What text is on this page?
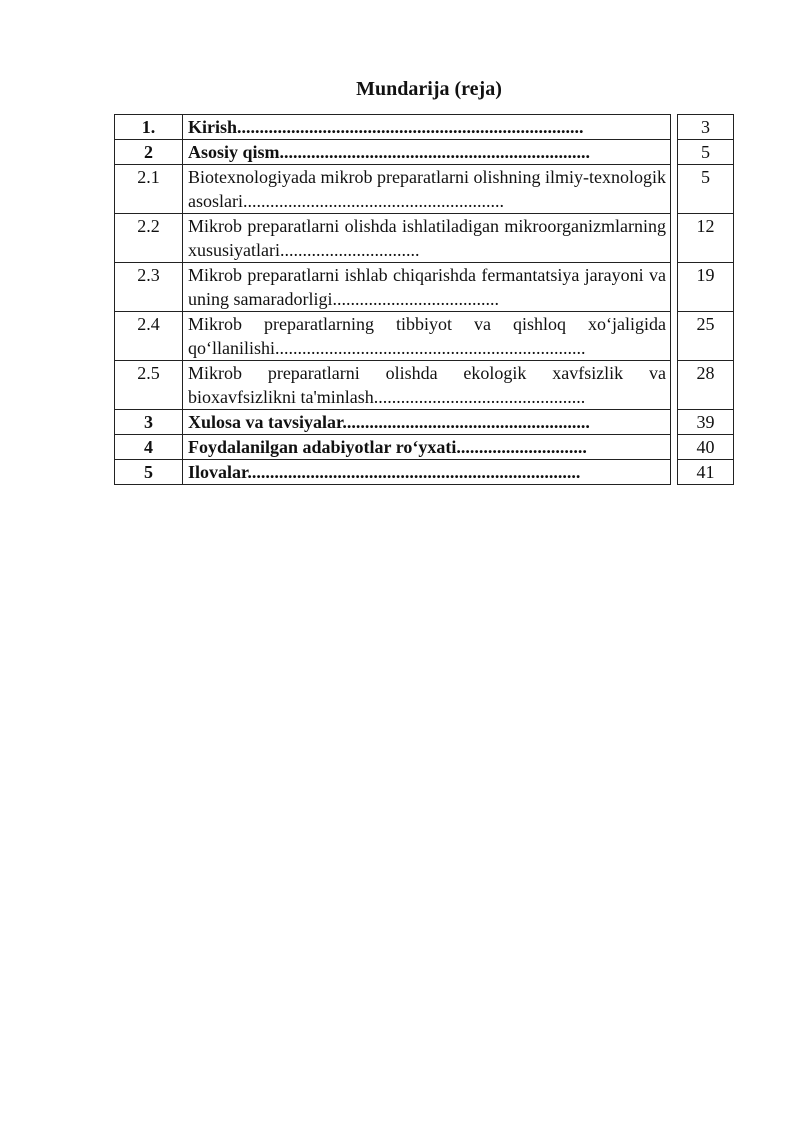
Mundarija (reja)
1.	Kirish.............................................................................		3
2	Asosiy qism.....................................................................		5
2.1	Biotexnologiyada mikrob preparatlarni olishning ilmiy-texnologik asoslari..........................................................		5
2.2	Mikrob preparatlarni olishda ishlatiladigan mikroorganizmlarning xususiyatlari...............................		12
2.3	Mikrob preparatlarni ishlab chiqarishda fermantatsiya jarayoni va uning samaradorligi.....................................		19
2.4	Mikrob preparatlarning tibbiyot va qishloq xo‘jaligida qo‘llanilishi.....................................................................		25
2.5	Mikrob preparatlarni olishda ekologik xavfsizlik va bioxavfsizlikni ta'minlash...............................................		28
3	Xulosa va tavsiyalar.......................................................		39
4	Foydalanilgan adabiyotlar ro‘yxati.............................		40
5	Ilovalar..........................................................................		41
